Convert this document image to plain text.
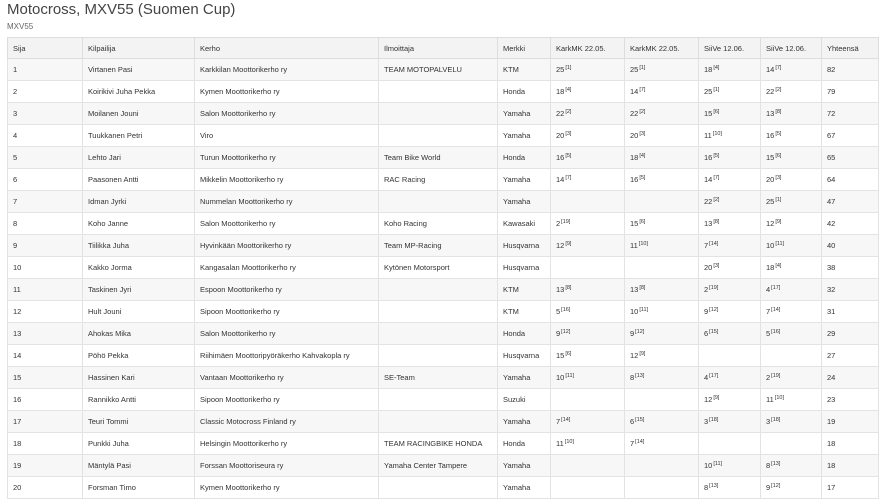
Motocross, MXV55 (Suomen Cup)
MXV55
Sija	Kilpailija	Kerho	Ilmoittaja	Merkki	KarkMK 22.05.	KarkMK 22.05.	SiiVe 12.06.	SiiVe 12.06.	Yhteensä
1	Virtanen Pasi	Karkkilan Moottorikerho ry	TEAM MOTOPALVELU	KTM	25[1]	25[1]	18[4]	14[7]	82
2	Koirikivi Juha Pekka	Kymen Moottorikerho ry		Honda	18[4]	14[7]	25[1]	22[2]	79
3	Moilanen Jouni	Salon Moottorikerho ry		Yamaha	22[2]	22[2]	15[6]	13[8]	72
4	Tuukkanen Petri	Viro		Yamaha	20[3]	20[3]	11[10]	16[5]	67
5	Lehto Jari	Turun Moottorikerho ry	Team Bike World	Honda	16[5]	18[4]	16[5]	15[6]	65
6	Paasonen Antti	Mikkelin Moottorikerho ry	RAC Racing	Yamaha	14[7]	16[5]	14[7]	20[3]	64
7	Idman Jyrki	Nummelan Moottorikerho ry		Yamaha			22[2]	25[1]	47
8	Koho Janne	Salon Moottorikerho ry	Koho Racing	Kawasaki	2[19]	15[6]	13[8]	12[9]	42
9	Tiilikka Juha	Hyvinkään Moottorikerho ry	Team MP-Racing	Husqvarna	12[9]	11[10]	7[14]	10[11]	40
10	Kakko Jorma	Kangasalan Moottorikerho ry	Kytönen Motorsport	Husqvarna			20[3]	18[4]	38
11	Taskinen Jyri	Espoon Moottorikerho ry		KTM	13[8]	13[8]	2[19]	4[17]	32
12	Hult Jouni	Sipoon Moottorikerho ry		KTM	5[16]	10[11]	9[12]	7[14]	31
13	Ahokas Mika	Salon Moottorikerho ry		Honda	9[12]	9[12]	6[15]	5[16]	29
14	Pöhö Pekka	Riihimäen Moottoripyöräkerho Kahvakopla ry		Husqvarna	15[6]	12[9]			27
15	Hassinen Kari	Vantaan Moottorikerho ry	SE-Team	Yamaha	10[11]	8[13]	4[17]	2[19]	24
16	Rannikko Antti	Sipoon Moottorikerho ry		Suzuki			12[9]	11[10]	23
17	Teuri Tommi	Classic Motocross Finland ry		Yamaha	7[14]	6[15]	3[18]	3[18]	19
18	Punkki Juha	Helsingin Moottorikerho ry	TEAM RACINGBIKE HONDA	Honda	11[10]	7[14]			18
19	Mäntylä Pasi	Forssan Moottoriseura ry	Yamaha Center Tampere	Yamaha			10[11]	8[13]	18
20	Forsman Timo	Kymen Moottorikerho ry		Yamaha			8[13]	9[12]	17
